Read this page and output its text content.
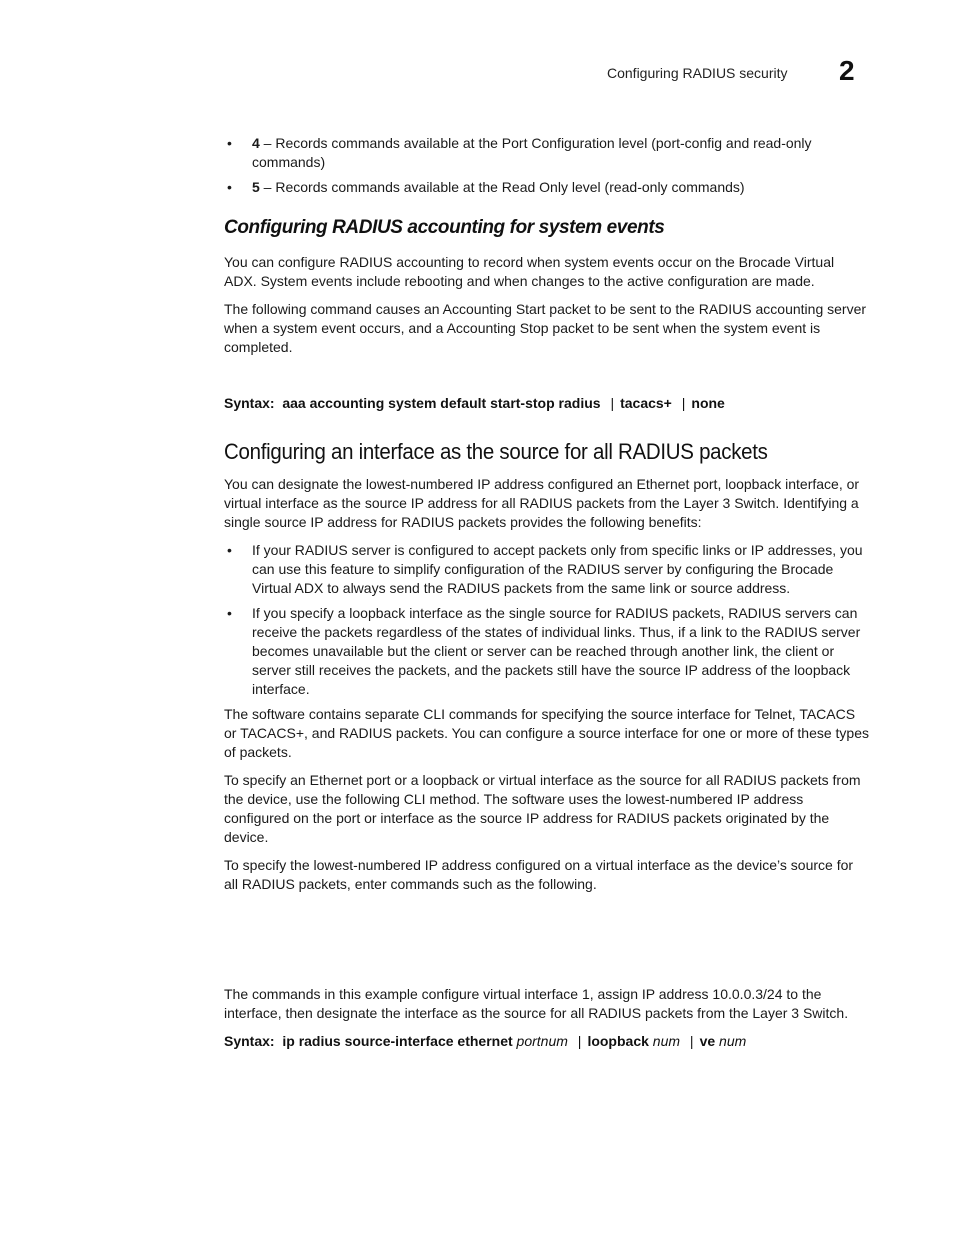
Configuring RADIUS security 2
• 4 – Records commands available at the Port Configuration level (port-config and read-only commands)
• 5 – Records commands available at the Read Only level (read-only commands)
Configuring RADIUS accounting for system events

You can configure RADIUS accounting to record when system events occur on the Brocade Virtual ADX. System events include rebooting and when changes to the active configuration are made.

The following command causes an Accounting Start packet to be sent to the RADIUS accounting server when a system event occurs, and a Accounting Stop packet to be sent when the system event is completed.

Syntax: aaa accounting system default start-stop radius | tacacs+ | none
Configuring an interface as the source for all RADIUS packets

You can designate the lowest-numbered IP address configured an Ethernet port, loopback interface, or virtual interface as the source IP address for all RADIUS packets from the Layer 3 Switch. Identifying a single source IP address for RADIUS packets provides the following benefits:

• If your RADIUS server is configured to accept packets only from specific links or IP addresses, you can use this feature to simplify configuration of the RADIUS server by configuring the Brocade Virtual ADX to always send the RADIUS packets from the same link or source address.
• If you specify a loopback interface as the single source for RADIUS packets, RADIUS servers can receive the packets regardless of the states of individual links. Thus, if a link to the RADIUS server becomes unavailable but the client or server can be reached through another link, the client or server still receives the packets, and the packets still have the source IP address of the loopback interface.

The software contains separate CLI commands for specifying the source interface for Telnet, TACACS or TACACS+, and RADIUS packets. You can configure a source interface for one or more of these types of packets.

To specify an Ethernet port or a loopback or virtual interface as the source for all RADIUS packets from the device, use the following CLI method. The software uses the lowest-numbered IP address configured on the port or interface as the source IP address for RADIUS packets originated by the device.

To specify the lowest-numbered IP address configured on a virtual interface as the device’s source for all RADIUS packets, enter commands such as the following.

The commands in this example configure virtual interface 1, assign IP address 10.0.0.3/24 to the interface, then designate the interface as the source for all RADIUS packets from the Layer 3 Switch.

Syntax: ip radius source-interface ethernet portnum | loopback num | ve num
